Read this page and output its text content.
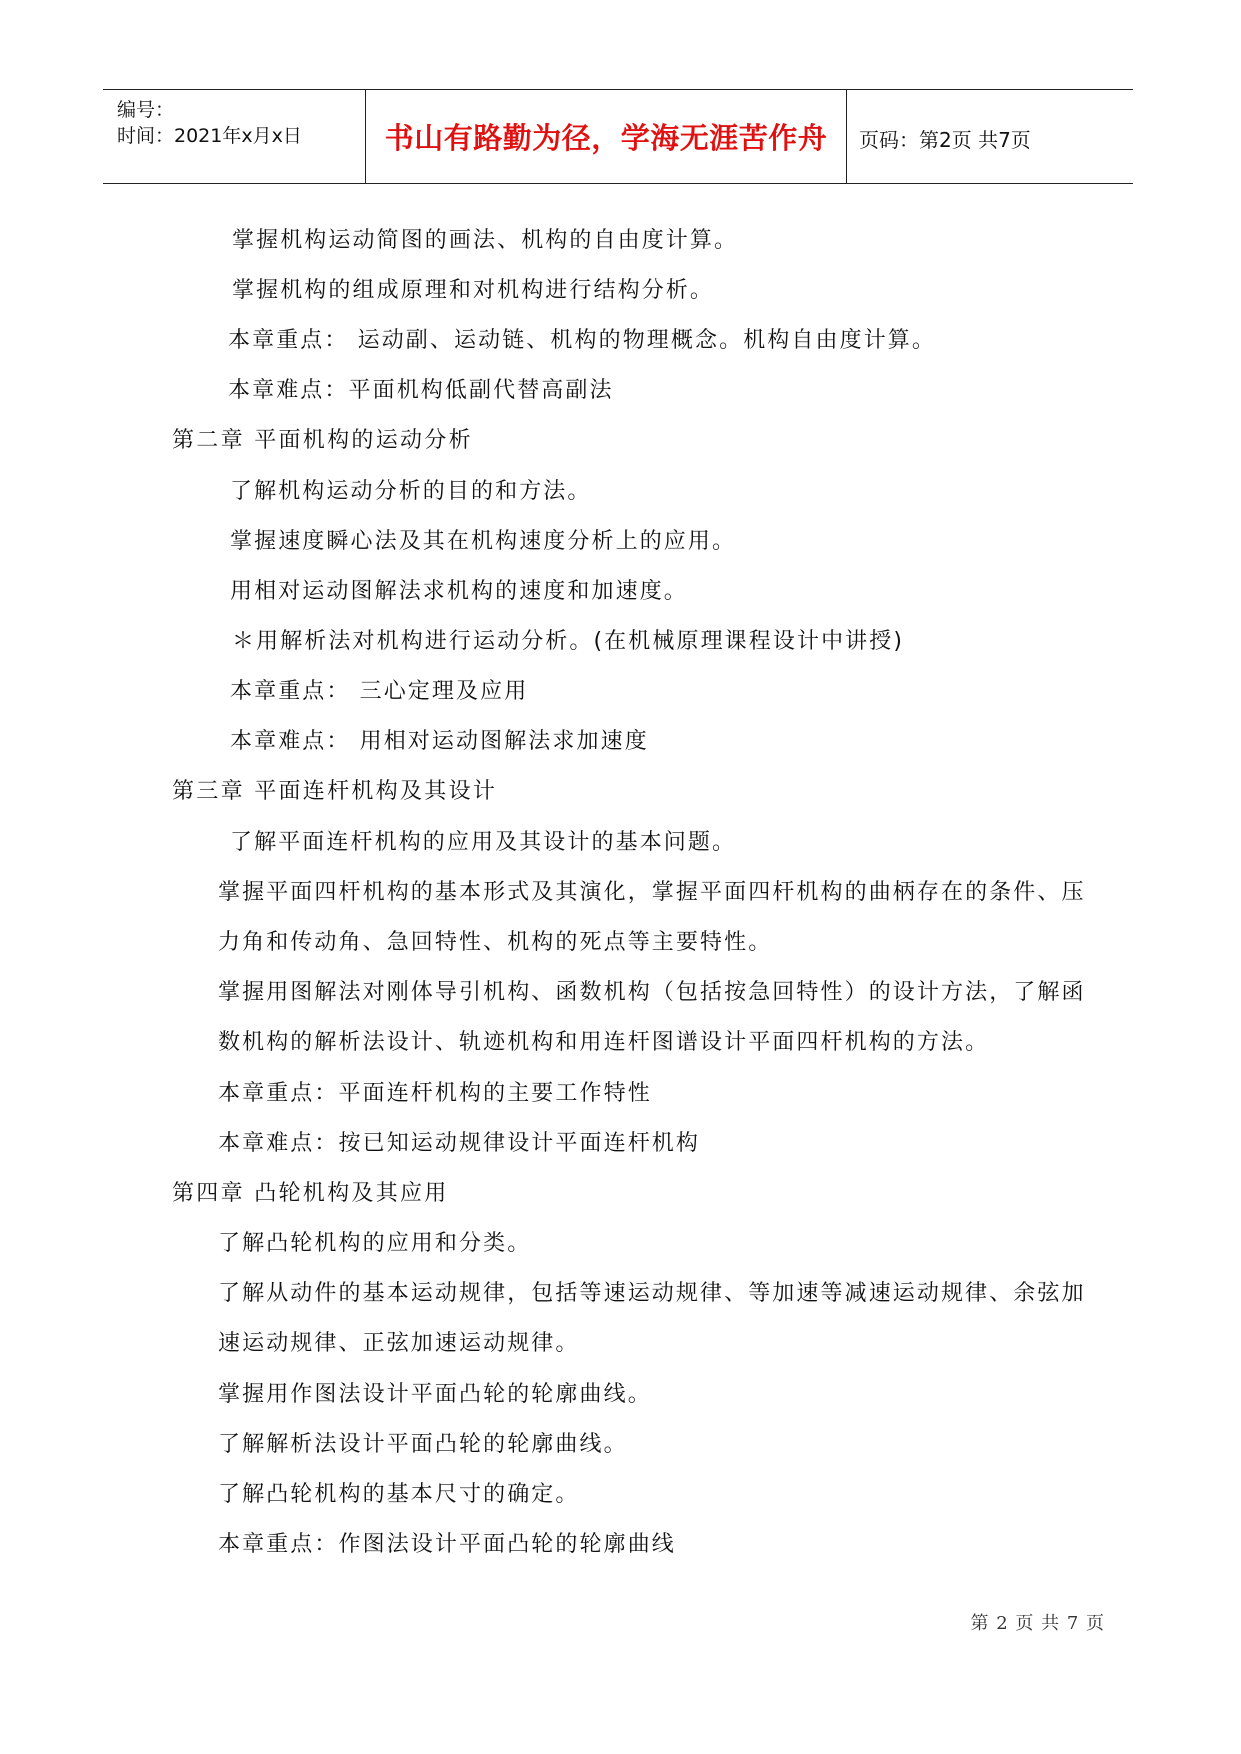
编号：
时间：2021年x月x日	书山有路勤为径，学海无涯苦作舟	页码：第2页 共7页
掌握机构运动简图的画法、机构的自由度计算。
掌握机构的组成原理和对机构进行结构分析。
本章重点： 运动副、运动链、机构的物理概念。机构自由度计算。
本章难点：平面机构低副代替高副法
第二章 平面机构的运动分析
了解机构运动分析的目的和方法。
掌握速度瞬心法及其在机构速度分析上的应用。
用相对运动图解法求机构的速度和加速度。
＊用解析法对机构进行运动分析。(在机械原理课程设计中讲授)
本章重点： 三心定理及应用
本章难点： 用相对运动图解法求加速度
第三章 平面连杆机构及其设计
了解平面连杆机构的应用及其设计的基本问题。
掌握平面四杆机构的基本形式及其演化，掌握平面四杆机构的曲柄存在的条件、压
力角和传动角、急回特性、机构的死点等主要特性。
掌握用图解法对刚体导引机构、函数机构（包括按急回特性）的设计方法，了解函
数机构的解析法设计、轨迹机构和用连杆图谱设计平面四杆机构的方法。
本章重点：平面连杆机构的主要工作特性
本章难点：按已知运动规律设计平面连杆机构
第四章 凸轮机构及其应用
了解凸轮机构的应用和分类。
了解从动件的基本运动规律，包括等速运动规律、等加速等减速运动规律、余弦加
速运动规律、正弦加速运动规律。
掌握用作图法设计平面凸轮的轮廓曲线。
了解解析法设计平面凸轮的轮廓曲线。
了解凸轮机构的基本尺寸的确定。
本章重点：作图法设计平面凸轮的轮廓曲线
第 2 页 共 7 页
